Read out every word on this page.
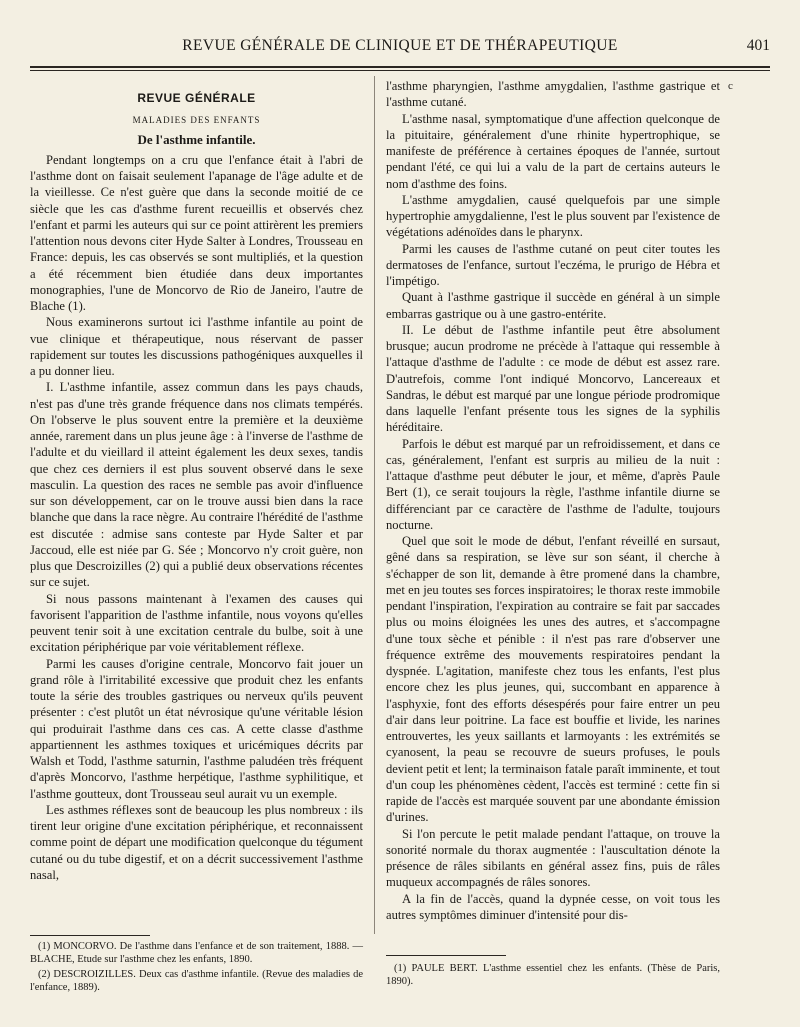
REVUE GÉNÉRALE DE CLINIQUE ET DE THÉRAPEUTIQUE	401
REVUE GÉNÉRALE
MALADIES DES ENFANTS
De l'asthme infantile.

Pendant longtemps on a cru que l'enfance était à l'abri de l'asthme dont on faisait seulement l'apanage de l'âge adulte et de la vieillesse. Ce n'est guère que dans la seconde moitié de ce siècle que les cas d'asthme furent recueillis et observés chez l'enfant et parmi les auteurs qui sur ce point attirèrent les premiers l'attention nous devons citer Hyde Salter à Londres, Trousseau en France: depuis, les cas observés se sont multipliés, et la question a été récemment bien étudiée dans deux importantes monographies, l'une de Moncorvo de Rio de Janeiro, l'autre de Blache (1).

Nous examinerons surtout ici l'asthme infantile au point de vue clinique et thérapeutique, nous réservant de passer rapidement sur toutes les discussions pathogéniques auxquelles il a pu donner lieu.

I. L'asthme infantile, assez commun dans les pays chauds, n'est pas d'une très grande fréquence dans nos climats tempérés. On l'observe le plus souvent entre la première et la deuxième année, rarement dans un plus jeune âge : à l'inverse de l'asthme de l'adulte et du vieillard il atteint également les deux sexes, tandis que chez ces derniers il est plus souvent observé dans le sexe masculin. La question des races ne semble pas avoir d'influence sur son développement, car on le trouve aussi bien dans la race blanche que dans la race nègre. Au contraire l'hérédité de l'asthme est discutée : admise sans conteste par Hyde Salter et par Jaccoud, elle est niée par G. Sée ; Moncorvo n'y croit guère, non plus que Descroizilles (2) qui a publié deux observations récentes sur ce sujet.

Si nous passons maintenant à l'examen des causes qui favorisent l'apparition de l'asthme infantile, nous voyons qu'elles peuvent tenir soit à une excitation centrale du bulbe, soit à une excitation périphérique par voie véritablement réflexe.

Parmi les causes d'origine centrale, Moncorvo fait jouer un grand rôle à l'irritabilité excessive que produit chez les enfants toute la série des troubles gastriques ou nerveux qu'ils peuvent présenter : c'est plutôt un état névrosique qu'une véritable lésion qui produirait l'asthme dans ces cas. A cette classe d'asthme appartiennent les asthmes toxiques et uricémiques décrits par Walsh et Todd, l'asthme saturnin, l'asthme paludéen très fréquent d'après Moncorvo, l'asthme herpétique, l'asthme syphilitique, et l'asthme goutteux, dont Trousseau seul aurait vu un exemple.

Les asthmes réflexes sont de beaucoup les plus nombreux : ils tirent leur origine d'une excitation périphérique, et reconnaissent comme point de départ une modification quelconque du tégument cutané ou du tube digestif, et on a décrit successivement l'asthme nasal,

c

l'asthme pharyngien, l'asthme amygdalien, l'asthme gastrique et l'asthme cutané.

L'asthme nasal, symptomatique d'une affection quelconque de la pituitaire, généralement d'une rhinite hypertrophique, se manifeste de préférence à certaines époques de l'année, surtout pendant l'été, ce qui lui a valu de la part de certains auteurs le nom d'asthme des foins.

L'asthme amygdalien, causé quelquefois par une simple hypertrophie amygdalienne, l'est le plus souvent par l'existence de végétations adénoïdes dans le pharynx.

Parmi les causes de l'asthme cutané on peut citer toutes les dermatoses de l'enfance, surtout l'eczéma, le prurigo de Hébra et l'impétigo.

Quant à l'asthme gastrique il succède en général à un simple embarras gastrique ou à une gastro-entérite.

II. Le début de l'asthme infantile peut être absolument brusque; aucun prodrome ne précède à l'attaque qui ressemble à l'attaque d'asthme de l'adulte : ce mode de début est assez rare. D'autrefois, comme l'ont indiqué Moncorvo, Lancereaux et Sandras, le début est marqué par une longue période prodromique dans laquelle l'enfant présente tous les signes de la syphilis héréditaire.

Parfois le début est marqué par un refroidissement, et dans ce cas, généralement, l'enfant est surpris au milieu de la nuit : l'attaque d'asthme peut débuter le jour, et même, d'après Paule Bert (1), ce serait toujours la règle, l'asthme infantile diurne se différenciant par ce caractère de l'asthme de l'adulte, toujours nocturne.

Quel que soit le mode de début, l'enfant réveillé en sursaut, gêné dans sa respiration, se lève sur son séant, il cherche à s'échapper de son lit, demande à être promené dans la chambre, met en jeu toutes ses forces inspiratoires; le thorax reste immobile pendant l'inspiration, l'expiration au contraire se fait par saccades plus ou moins éloignées les unes des autres, et s'accompagne d'une toux sèche et pénible : il n'est pas rare d'observer une fréquence extrême des mouvements respiratoires pendant la dyspnée. L'agitation, manifeste chez tous les enfants, l'est plus encore chez les plus jeunes, qui, succombant en apparence à l'asphyxie, font des efforts désespérés pour faire entrer un peu d'air dans leur poitrine. La face est bouffie et livide, les narines entrouvertes, les yeux saillants et larmoyants : les extrémités se cyanosent, la peau se recouvre de sueurs profuses, le pouls devient petit et lent; la terminaison fatale paraît imminente, et tout d'un coup les phénomènes cèdent, l'accès est terminé : cette fin si rapide de l'accès est marquée souvent par une abondante émission d'urines.

Si l'on percute le petit malade pendant l'attaque, on trouve la sonorité normale du thorax augmentée : l'auscultation dénote la présence de râles sibilants en général assez fins, puis de râles muqueux accompagnés de râles sonores.

A la fin de l'accès, quand la dypnée cesse, on voit tous les autres symptômes diminuer d'intensité pour dis-

(1) MONCORVO. De l'asthme dans l'enfance et de son traitement, 1888. — BLACHE, Etude sur l'asthme chez les enfants, 1890.

(2) DESCROIZILLES. Deux cas d'asthme infantile. (Revue des maladies de l'enfance, 1889).

(1) PAULE BERT. L'asthme essentiel chez les enfants. (Thèse de Paris, 1890).
